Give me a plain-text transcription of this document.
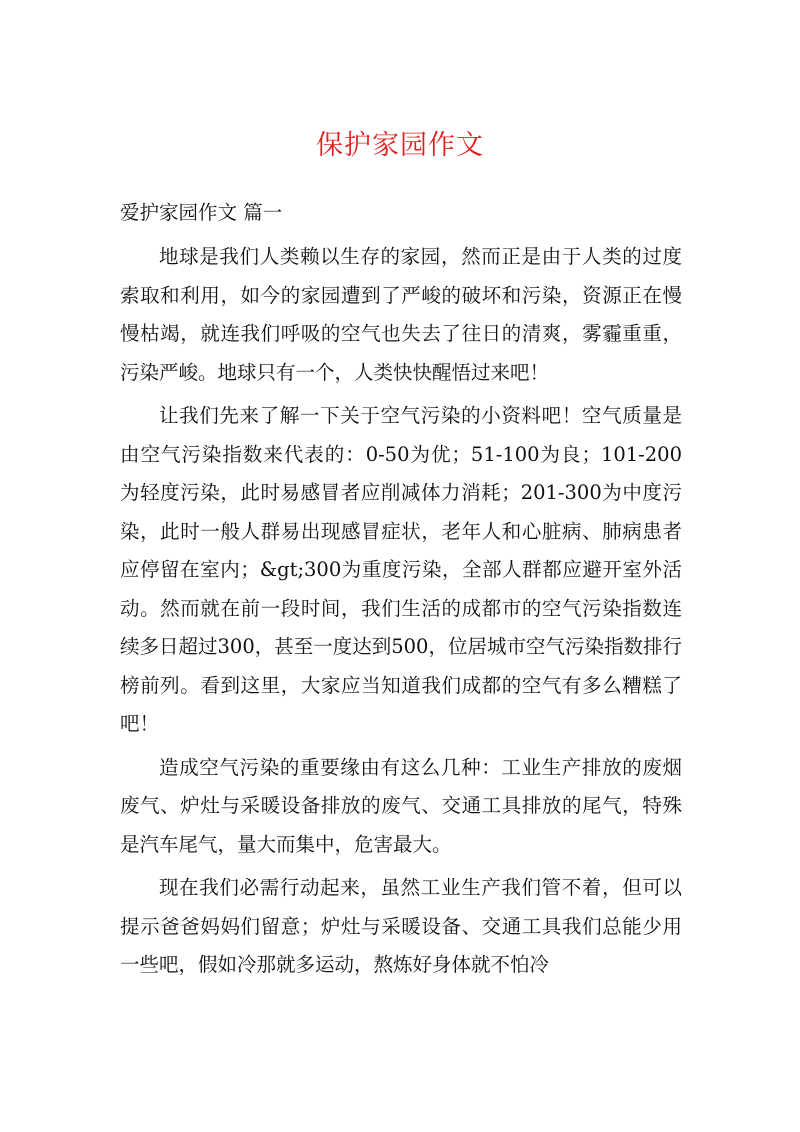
保护家园作文
爱护家园作文 篇一

地球是我们人类赖以生存的家园，然而正是由于人类的过度索取和利用，如今的家园遭到了严峻的破坏和污染，资源正在慢慢枯竭，就连我们呼吸的空气也失去了往日的清爽，雾霾重重，污染严峻。地球只有一个，人类快快醒悟过来吧！

让我们先来了解一下关于空气污染的小资料吧！空气质量是由空气污染指数来代表的：0-50为优；51-100为良；101-200为轻度污染，此时易感冒者应削减体力消耗；201-300为中度污染，此时一般人群易出现感冒症状，老年人和心脏病、肺病患者应停留在室内；&gt;300为重度污染，全部人群都应避开室外活动。然而就在前一段时间，我们生活的成都市的空气污染指数连续多日超过300，甚至一度达到500，位居城市空气污染指数排行榜前列。看到这里，大家应当知道我们成都的空气有多么糟糕了吧！

造成空气污染的重要缘由有这么几种：工业生产排放的废烟废气、炉灶与采暖设备排放的废气、交通工具排放的尾气，特殊是汽车尾气，量大而集中，危害最大。

现在我们必需行动起来，虽然工业生产我们管不着，但可以提示爸爸妈妈们留意；炉灶与采暖设备、交通工具我们总能少用一些吧，假如冷那就多运动，熬炼好身体就不怕冷
